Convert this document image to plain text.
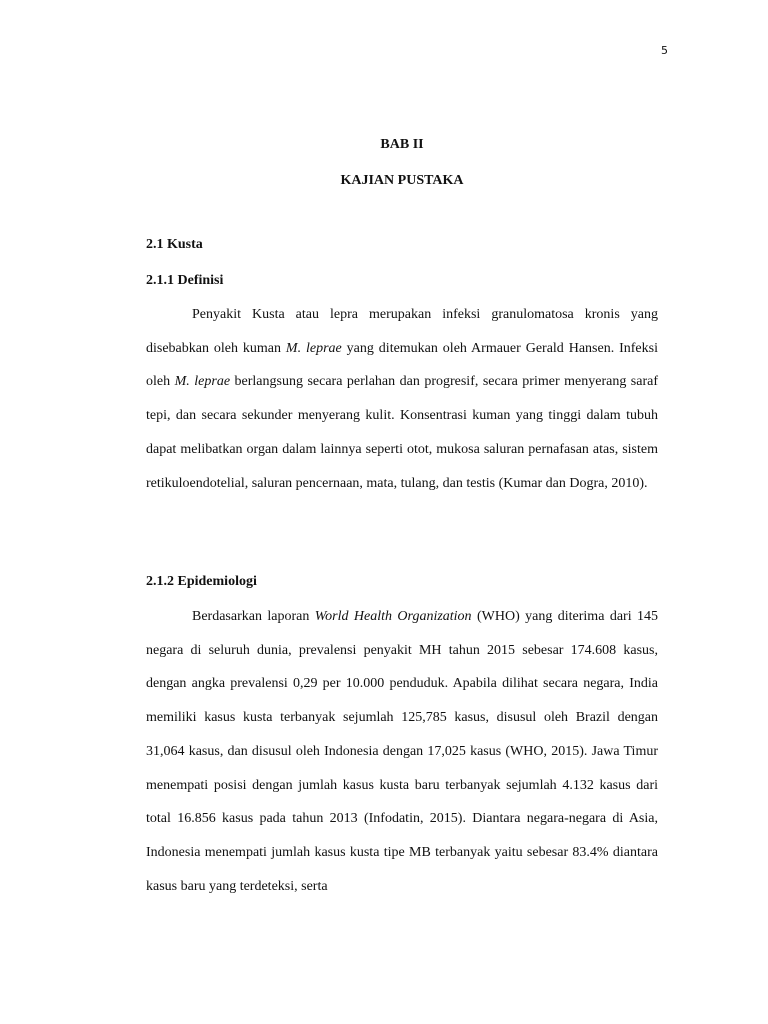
5
BAB II
KAJIAN PUSTAKA
2.1 Kusta
2.1.1 Definisi

Penyakit Kusta atau lepra merupakan infeksi granulomatosa kronis yang disebabkan oleh kuman M. leprae yang ditemukan oleh Armauer Gerald Hansen. Infeksi oleh M. leprae berlangsung secara perlahan dan progresif, secara primer menyerang saraf tepi, dan secara sekunder menyerang kulit. Konsentrasi kuman yang tinggi dalam tubuh dapat melibatkan organ dalam lainnya seperti otot, mukosa saluran pernafasan atas, sistem retikuloendotelial, saluran pencernaan, mata, tulang, dan testis (Kumar dan Dogra, 2010).

2.1.2 Epidemiologi

Berdasarkan laporan World Health Organization (WHO) yang diterima dari 145 negara di seluruh dunia, prevalensi penyakit MH tahun 2015 sebesar 174.608 kasus, dengan angka prevalensi 0,29 per 10.000 penduduk. Apabila dilihat secara negara, India memiliki kasus kusta terbanyak sejumlah 125,785 kasus, disusul oleh Brazil dengan 31,064 kasus, dan disusul oleh Indonesia dengan 17,025 kasus (WHO, 2015). Jawa Timur menempati posisi dengan jumlah kasus kusta baru terbanyak sejumlah 4.132 kasus dari total 16.856 kasus pada tahun 2013 (Infodatin, 2015). Diantara negara-negara di Asia, Indonesia menempati jumlah kasus kusta tipe MB terbanyak yaitu sebesar 83.4% diantara kasus baru yang terdeteksi, serta
